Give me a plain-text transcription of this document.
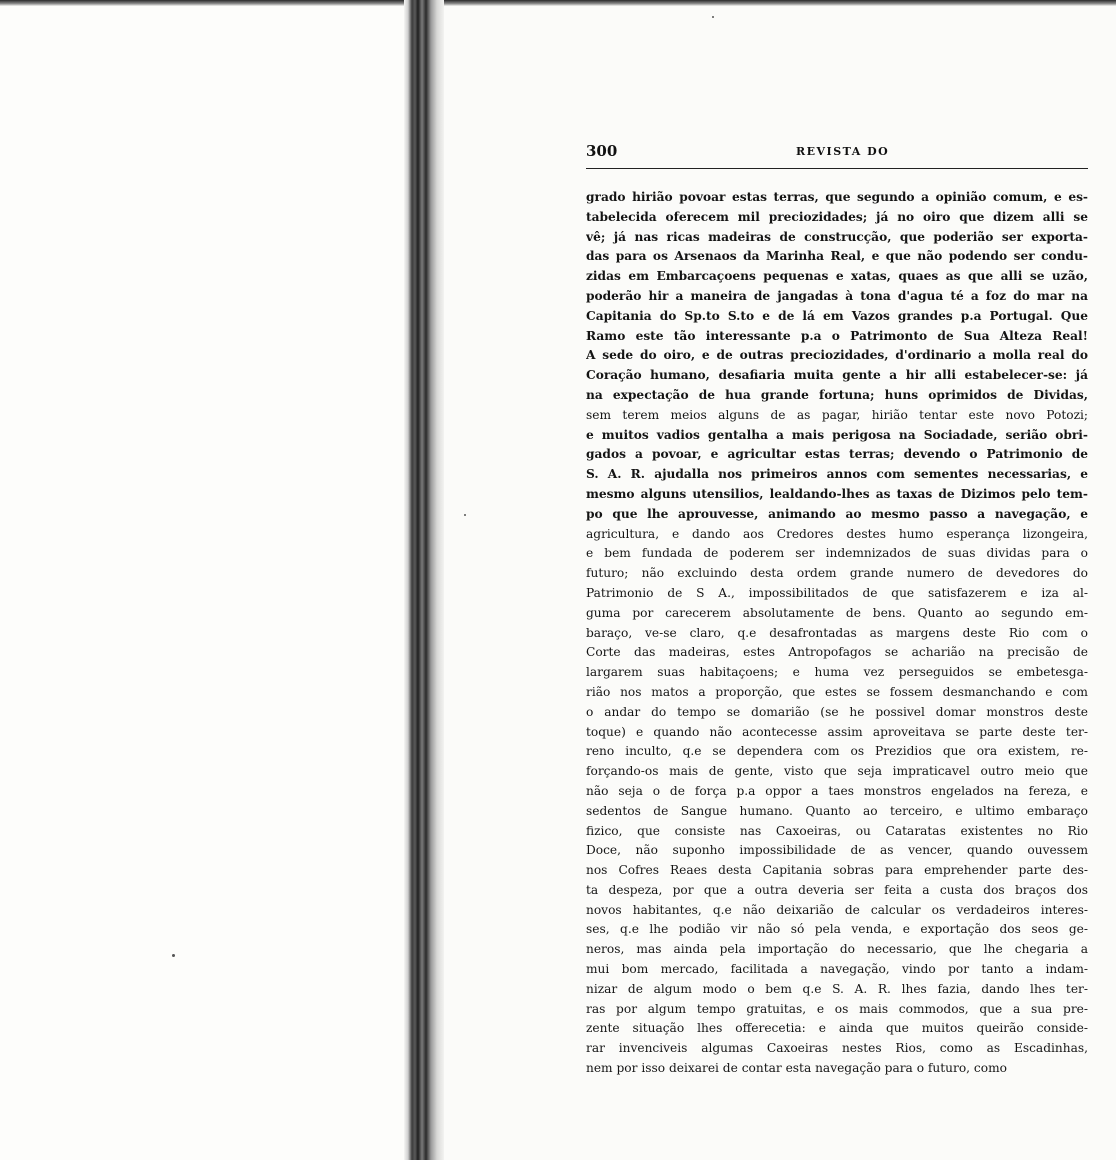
300	REVISTA DO
grado hirião povoar estas terras, que segundo a opinião comum, e es-
tabelecida oferecem mil preciozidades; já no oiro que dizem alli se
vê; já nas ricas madeiras de construcção, que poderião ser exporta-
das para os Arsenaos da Marinha Real, e que não podendo ser condu-
zidas em Embarcaçoens pequenas e xatas, quaes as que alli se uzão,
poderão hir a maneira de jangadas à tona d'agua té a foz do mar na
Capitania do Sp.to S.to e de lá em Vazos grandes p.a Portugal. Que
Ramo este tão interessante p.a o Patrimonto de Sua Alteza Real!
A sede do oiro, e de outras preciozidades, d'ordinario a molla real do
Coração humano, desafiaria muita gente a hir alli estabelecer-se: já
na expectação de hua grande fortuna; huns oprimidos de Dividas,
sem terem meios alguns de as pagar, hirião tentar este novo Potozi;
e muitos vadios gentalha a mais perigosa na Sociadade, serião obri-
gados a povoar, e agricultar estas terras; devendo o Patrimonio de
S. A. R. ajudalla nos primeiros annos com sementes necessarias, e
mesmo alguns utensilios, lealdando-lhes as taxas de Dizimos pelo tem-
po que lhe aprouvesse, animando ao mesmo passo a navegação, e
agricultura, e dando aos Credores destes humo esperança lizongeira,
e bem fundada de poderem ser indemnizados de suas dividas para o
futuro; não excluindo desta ordem grande numero de devedores do
Patrimonio de S A., impossibilitados de que satisfazerem e iza al-
guma por carecerem absolutamente de bens. Quanto ao segundo em-
baraço, ve-se claro, q.e desafrontadas as margens deste Rio com o
Corte das madeiras, estes Antropofagos se acharião na precisão de
largarem suas habitaçoens; e huma vez perseguidos se embetesga-
rião nos matos a proporção, que estes se fossem desmanchando e com
o andar do tempo se domarião (se he possivel domar monstros deste
toque) e quando não acontecesse assim aproveitava se parte deste ter-
reno inculto, q.e se dependera com os Prezidios que ora existem, re-
forçando-os mais de gente, visto que seja impraticavel outro meio que
não seja o de força p.a oppor a taes monstros engelados na fereza, e
sedentos de Sangue humano. Quanto ao terceiro, e ultimo embaraço
fizico, que consiste nas Caxoeiras, ou Cataratas existentes no Rio
Doce, não suponho impossibilidade de as vencer, quando ouvessem
nos Cofres Reaes desta Capitania sobras para emprehender parte des-
ta despeza, por que a outra deveria ser feita a custa dos braços dos
novos habitantes, q.e não deixarião de calcular os verdadeiros interes-
ses, q.e lhe podião vir não só pela venda, e exportação dos seos ge-
neros, mas ainda pela importação do necessario, que lhe chegaria a
mui bom mercado, facilitada a navegação, vindo por tanto a indam-
nizar de algum modo o bem q.e S. A. R. lhes fazia, dando lhes ter-
ras por algum tempo gratuitas, e os mais commodos, que a sua pre-
zente situação lhes offerecetia: e ainda que muitos queirão conside-
rar invenciveis algumas Caxoeiras nestes Rios, como as Escadinhas,
nem por isso deixarei de contar esta navegação para o futuro, como
